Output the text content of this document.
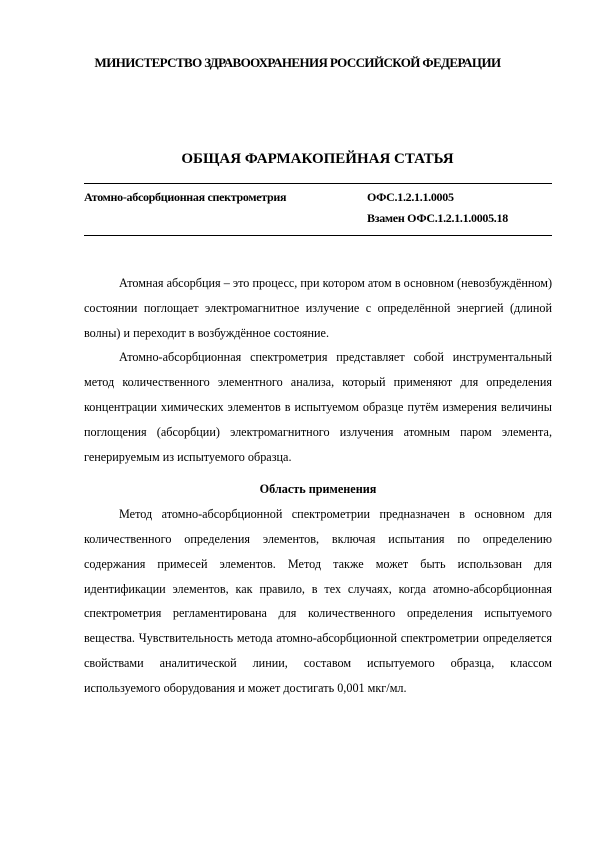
МИНИСТЕРСТВО ЗДРАВООХРАНЕНИЯ РОССИЙСКОЙ ФЕДЕРАЦИИ
ОБЩАЯ ФАРМАКОПЕЙНАЯ СТАТЬЯ
Атомно-абсорбционная спектрометрия	ОФС.1.2.1.1.0005
Взамен ОФС.1.2.1.1.0005.18

Атомная абсорбция – это процесс, при котором атом в основном (невозбуждённом) состоянии поглощает электромагнитное излучение с определённой энергией (длиной волны) и переходит в возбуждённое состояние.

Атомно-абсорбционная спектрометрия представляет собой инструментальный метод количественного элементного анализа, который применяют для определения концентрации химических элементов в испытуемом образце путём измерения величины поглощения (абсорбции) электромагнитного излучения атомным паром элемента, генерируемым из испытуемого образца.

Область применения

Метод атомно-абсорбционной спектрометрии предназначен в основном для количественного определения элементов, включая испытания по определению содержания примесей элементов. Метод также может быть использован для идентификации элементов, как правило, в тех случаях, когда атомно-абсорбционная спектрометрия регламентирована для количественного определения испытуемого вещества. Чувствительность метода атомно-абсорбционной спектрометрии определяется свойствами аналитической линии, составом испытуемого образца, классом используемого оборудования и может достигать 0,001 мкг/мл.
